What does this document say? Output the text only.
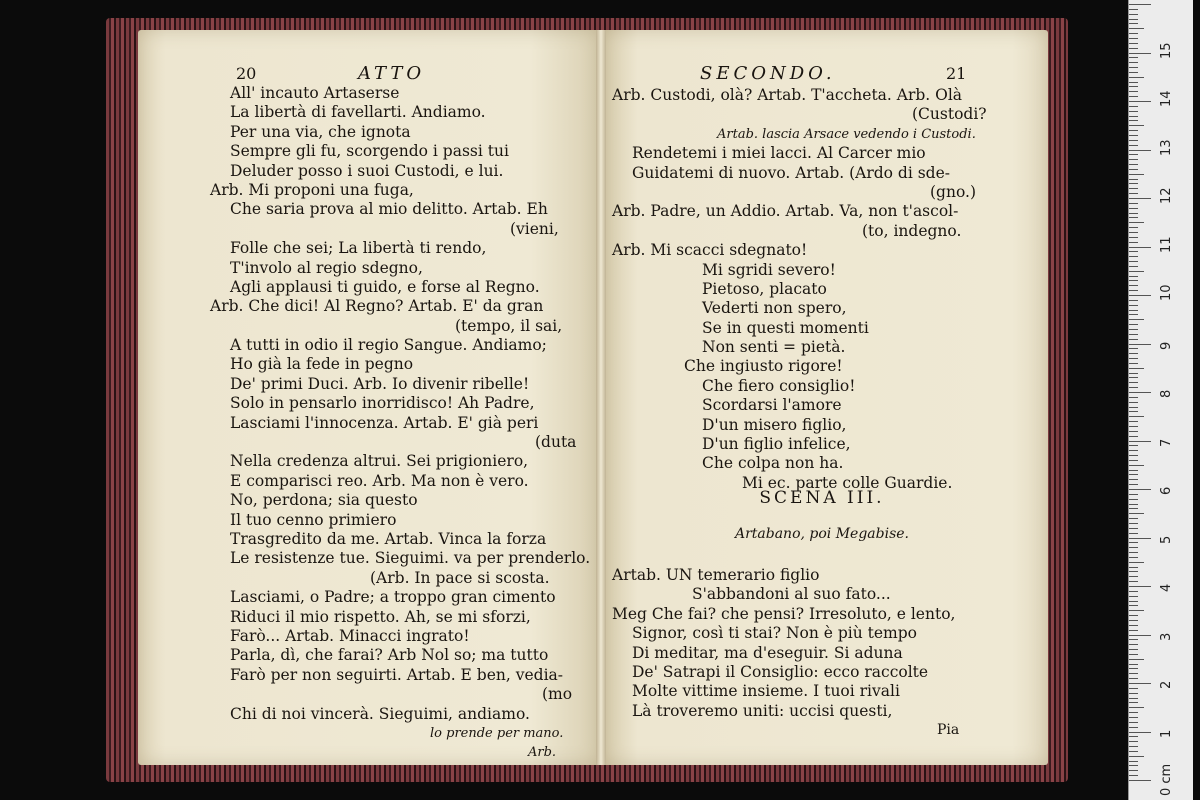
20	ATTO
All' incauto Artaserse
La libertà di favellarti. Andiamo.
Per una via, che ignota
Sempre gli fu, scorgendo i passi tui
Deluder posso i suoi Custodi, e lui.
Arb. Mi proponi una fuga,
Che saria prova al mio delitto. Artab. Eh
(vieni,
Folle che sei; La libertà ti rendo,
T'involo al regio sdegno,
Agli applausi ti guido, e forse al Regno.
Arb. Che dici! Al Regno? Artab. E' da gran
(tempo, il sai,
A tutti in odio il regio Sangue. Andiamo;
Ho già la fede in pegno
De' primi Duci. Arb. Io divenir ribelle!
Solo in pensarlo inorridisco! Ah Padre,
Lasciami l'innocenza. Artab. E' già peri
(duta
Nella credenza altrui. Sei prigioniero,
E comparisci reo. Arb. Ma non è vero.
No, perdona; sia questo
Il tuo cenno primiero
Trasgredito da me. Artab. Vinca la forza
Le resistenze tue. Sieguimi. va per prenderlo.
(Arb. In pace si scosta.
Lasciami, o Padre; a troppo gran cimento
Riduci il mio rispetto. Ah, se mi sforzi,
Farò... Artab. Minacci ingrato!
Parla, dì, che farai? Arb Nol so; ma tutto
Farò per non seguirti. Artab. E ben, vedia-
(mo
Chi di noi vincerà. Sieguimi, andiamo.
lo prende per mano.
Arb.
SECONDO.	21
Arb. Custodi, olà? Artab. T'accheta. Arb. Olà
(Custodi?
Artab. lascia Arsace vedendo i Custodi.
Rendetemi i miei lacci. Al Carcer mio
Guidatemi di nuovo. Artab. (Ardo di sde-
(gno.)
Arb. Padre, un Addio. Artab. Va, non t'ascol-
(to, indegno.
Arb. Mi scacci sdegnato!
Mi sgridi severo!
Pietoso, placato
Vederti non spero,
Se in questi momenti
Non senti = pietà.
Che ingiusto rigore!
Che fiero consiglio!
Scordarsi l'amore
D'un misero figlio,
D'un figlio infelice,
Che colpa non ha.
Mi ec. parte colle Guardie.
SCENA III.
Artabano, poi Megabise.
Artab. UN temerario figlio
S'abbandoni al suo fato...
Meg Che fai? che pensi? Irresoluto, e lento,
Signor, così ti stai? Non è più tempo
Di meditar, ma d'eseguir. Si aduna
De' Satrapi il Consiglio: ecco raccolte
Molte vittime insieme. I tuoi rivali
Là troveremo uniti: uccisi questi,
Pia
0 cm
1
2
3
4
5
6
7
8
9
10
11
12
13
14
15
